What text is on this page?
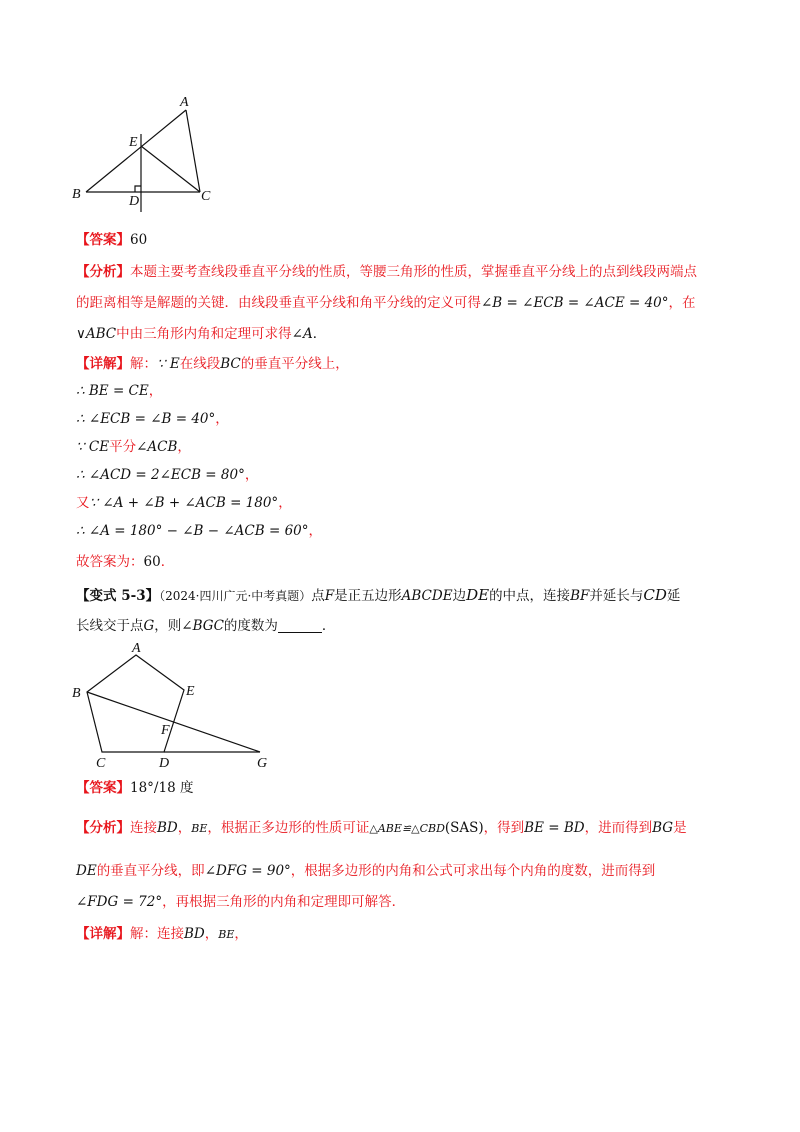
A
E
B	D	C
【答案】60
【分析】本题主要考查线段垂直平分线的性质，等腰三角形的性质，掌握垂直平分线上的点到线段两端点
的距离相等是解题的关键．由线段垂直平分线和角平分线的定义可得∠B = ∠ECB = ∠ACE = 40°，在
∨ABC中由三角形内角和定理可求得∠A．
【详解】解：∵ E在线段BC的垂直平分线上，
∴ BE = CE，
∴ ∠ECB = ∠B = 40°，
∵ CE平分∠ACB，
∴ ∠ACD = 2∠ECB = 80°，
又∵ ∠A + ∠B + ∠ACB = 180°，
∴ ∠A = 180° − ∠B − ∠ACB = 60°，
故答案为：60．
【变式 5-3】（2024·四川广元·中考真题）点F是正五边形ABCDE边DE的中点，连接BF并延长与CD延
长线交于点G，则∠BGC的度数为	．
A
B	E
F
C	D	G
【答案】18°/18 度
【分析】连接BD，BE，根据正多边形的性质可证△ABE≌△CBD(SAS)，得到BE = BD，进而得到BG是
DE的垂直平分线，即∠DFG = 90°，根据多边形的内角和公式可求出每个内角的度数，进而得到
∠FDG = 72°，再根据三角形的内角和定理即可解答．
【详解】解：连接BD，BE，
